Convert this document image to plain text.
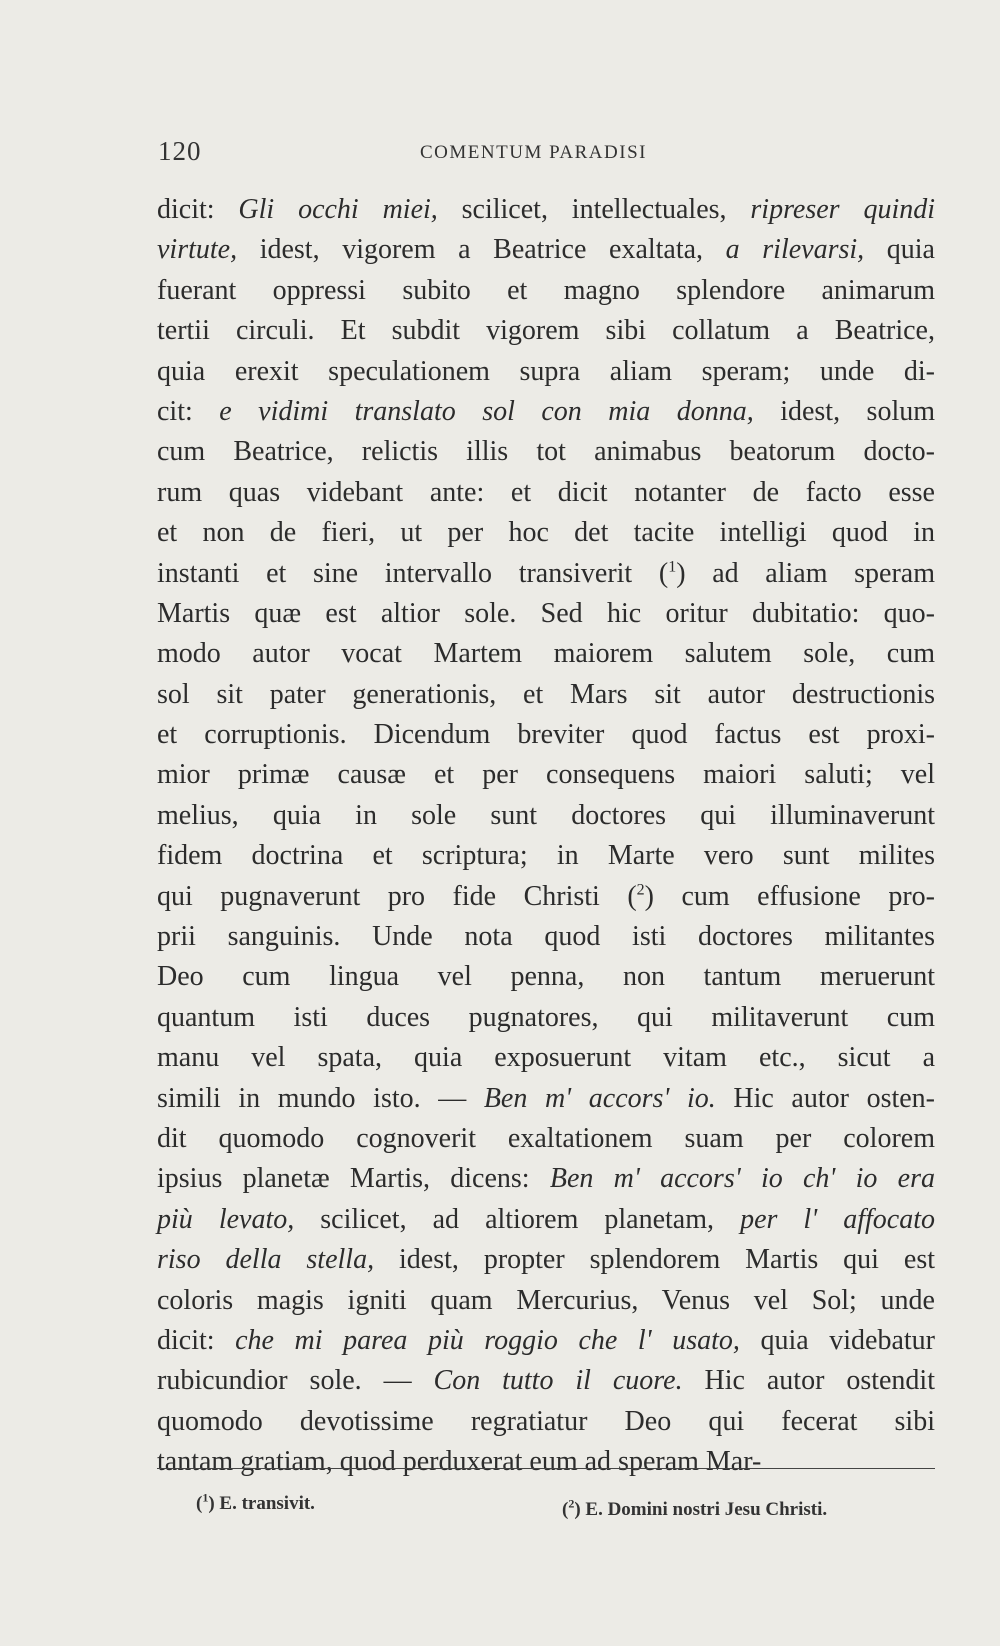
120	COMENTUM PARADISI
dicit: Gli occhi miei, scilicet, intellectuales, ripreser quindi
virtute, idest, vigorem a Beatrice exaltata, a rilevarsi, quia
fuerant oppressi subito et magno splendore animarum
tertii circuli. Et subdit vigorem sibi collatum a Beatrice,
quia erexit speculationem supra aliam speram; unde di-
cit: e vidimi translato sol con mia donna, idest, solum
cum Beatrice, relictis illis tot animabus beatorum docto-
rum quas videbant ante: et dicit notanter de facto esse
et non de fieri, ut per hoc det tacite intelligi quod in
instanti et sine intervallo transiverit ($^1$) ad aliam speram
Martis quæ est altior sole. Sed hic oritur dubitatio: quo-
modo autor vocat Martem maiorem salutem sole, cum
sol sit pater generationis, et Mars sit autor destructionis
et corruptionis. Dicendum breviter quod factus est proxi-
mior primæ causæ et per consequens maiori saluti; vel
melius, quia in sole sunt doctores qui illuminaverunt
fidem doctrina et scriptura; in Marte vero sunt milites
qui pugnaverunt pro fide Christi ($^2$) cum effusione pro-
prii sanguinis. Unde nota quod isti doctores militantes
Deo cum lingua vel penna, non tantum meruerunt
quantum isti duces pugnatores, qui militaverunt cum
manu vel spata, quia exposuerunt vitam etc., sicut a
simili in mundo isto. — Ben m' accors' io. Hic autor osten-
dit quomodo cognoverit exaltationem suam per colorem
ipsius planetæ Martis, dicens: Ben m' accors' io ch' io era
più levato, scilicet, ad altiorem planetam, per l' affocato
riso della stella, idest, propter splendorem Martis qui est
coloris magis igniti quam Mercurius, Venus vel Sol; unde
dicit: che mi parea più roggio che l' usato, quia videbatur
rubicundior sole. — Con tutto il cuore. Hic autor ostendit
quomodo devotissime regratiatur Deo qui fecerat sibi
tantam gratiam, quod perduxerat eum ad speram Mar-
($^1$) E. transivit.	($^2$) E. Domini nostri Jesu Christi.
